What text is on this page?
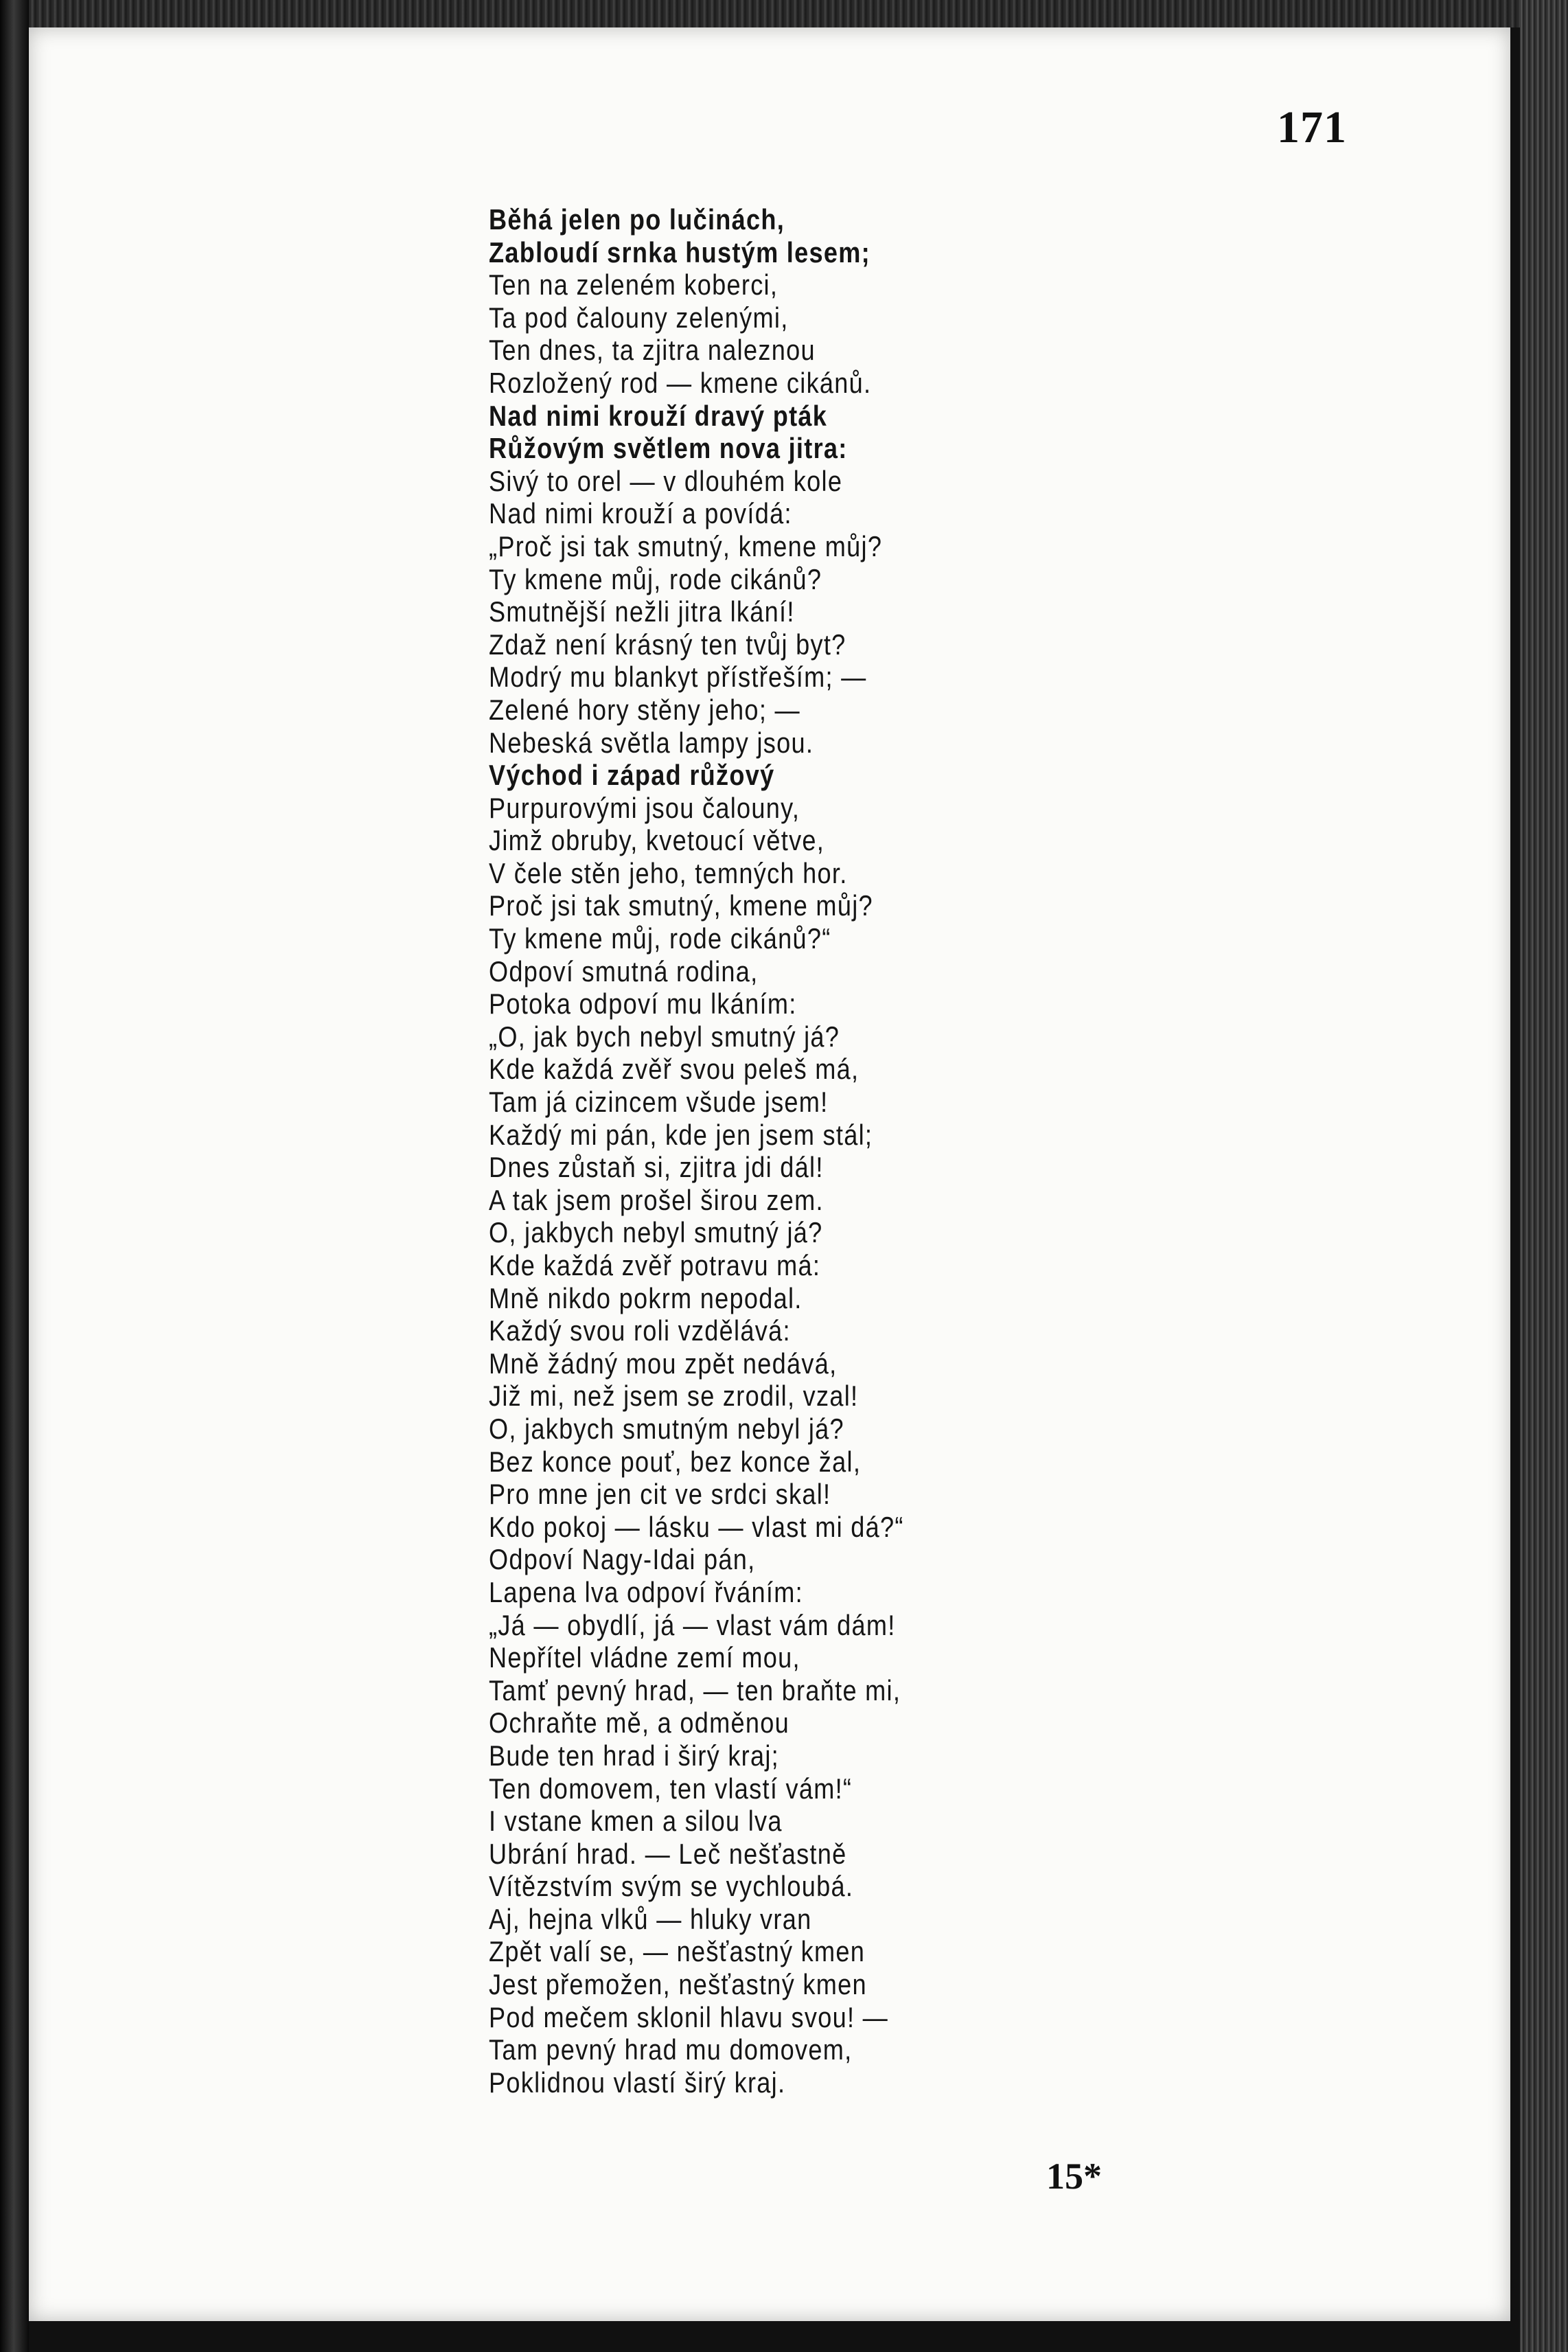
171
Běhá jelen po lučinách,
Zabloudí srnka hustým lesem;
Ten na zeleném koberci,
Ta pod čalouny zelenými,
Ten dnes, ta zjitra naleznou
Rozložený rod — kmene cikánů.
Nad nimi krouží dravý pták
Růžovým světlem nova jitra:
Sivý to orel — v dlouhém kole
Nad nimi krouží a povídá:
„Proč jsi tak smutný, kmene můj?
Ty kmene můj, rode cikánů?
Smutnější nežli jitra lkání!
Zdaž není krásný ten tvůj byt?
Modrý mu blankyt přístřeším; —
Zelené hory stěny jeho; —
Nebeská světla lampy jsou.
Východ i západ růžový
Purpurovými jsou čalouny,
Jimž obruby, kvetoucí větve,
V čele stěn jeho, temných hor.
Proč jsi tak smutný, kmene můj?
Ty kmene můj, rode cikánů?“
Odpoví smutná rodina,
Potoka odpoví mu lkáním:
„O, jak bych nebyl smutný já?
Kde každá zvěř svou peleš má,
Tam já cizincem všude jsem!
Každý mi pán, kde jen jsem stál;
Dnes zůstaň si, zjitra jdi dál!
A tak jsem prošel širou zem.
O, jakbych nebyl smutný já?
Kde každá zvěř potravu má:
Mně nikdo pokrm nepodal.
Každý svou roli vzdělává:
Mně žádný mou zpět nedává,
Již mi, než jsem se zrodil, vzal!
O, jakbych smutným nebyl já?
Bez konce pouť, bez konce žal,
Pro mne jen cit ve srdci skal!
Kdo pokoj — lásku — vlast mi dá?“
Odpoví Nagy-Idai pán,
Lapena lva odpoví řváním:
„Já — obydlí, já — vlast vám dám!
Nepřítel vládne zemí mou,
Tamť pevný hrad, — ten braňte mi,
Ochraňte mě, a odměnou
Bude ten hrad i širý kraj;
Ten domovem, ten vlastí vám!“
I vstane kmen a silou lva
Ubrání hrad. — Leč nešťastně
Vítězstvím svým se vychloubá.
Aj, hejna vlků — hluky vran
Zpět valí se, — nešťastný kmen
Jest přemožen, nešťastný kmen
Pod mečem sklonil hlavu svou! —
Tam pevný hrad mu domovem,
Poklidnou vlastí širý kraj.
15*
